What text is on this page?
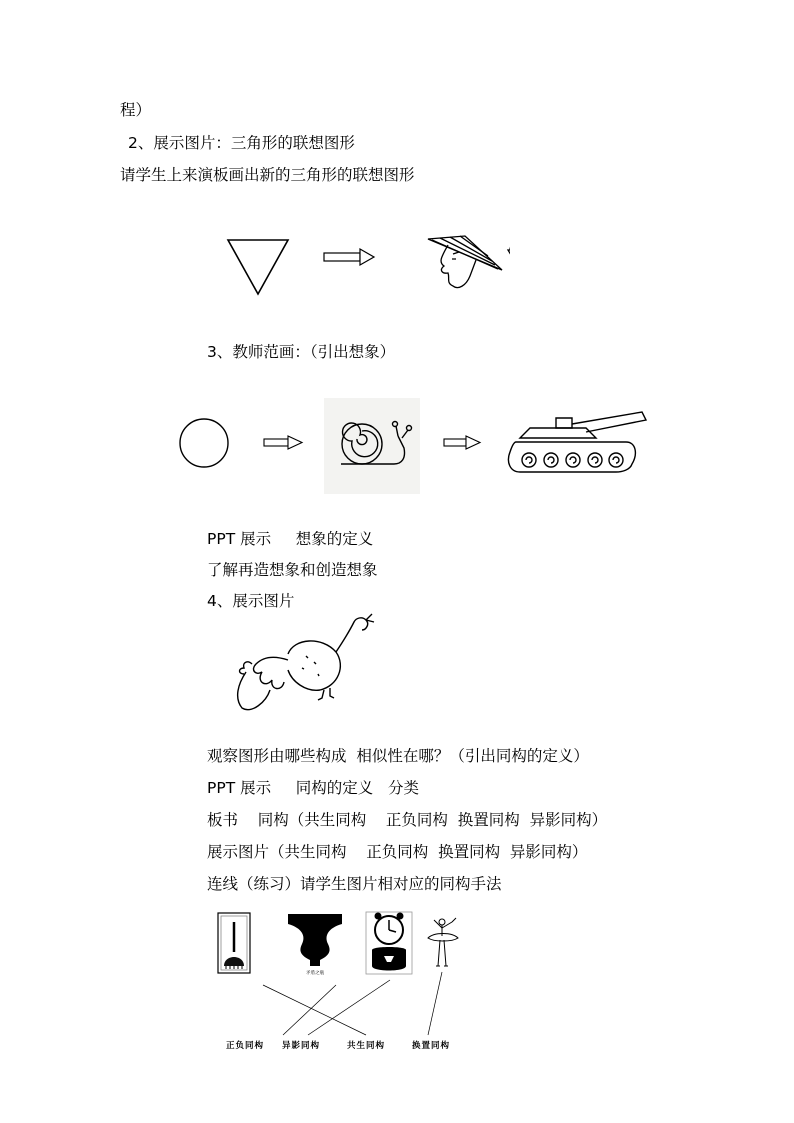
程）
2、展示图片：三角形的联想图形
请学生上来演板画出新的三角形的联想图形
3、教师范画：（引出想象）
PPT 展示     想象的定义
了解再造想象和创造想象
4、展示图片
观察图形由哪些构成  相似性在哪？（引出同构的定义）
PPT 展示     同构的定义   分类
板书    同构（共生同构    正负同构  换置同构  异影同构）
展示图片（共生同构    正负同构  换置同构  异影同构）
连线（练习）请学生图片相对应的同构手法
矛盾之瓶
正负同构 异影同构	共生同构	换置同构
